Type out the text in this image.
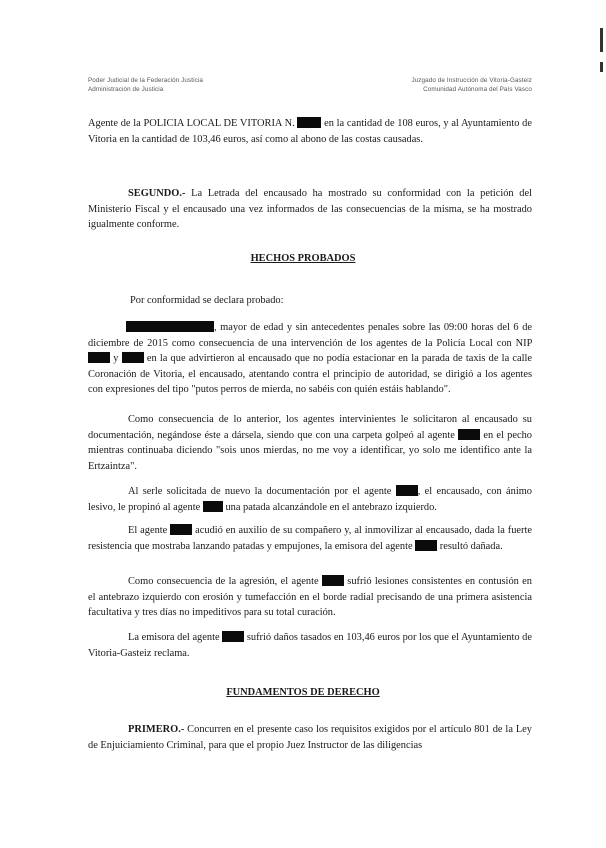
Poder Judicial de la Federación Justicia
Administración de Justicia
Juzgado de Instrucción de Vitoria-Gasteiz
Comunidad Autónoma del País Vasco
Agente de la POLICIA LOCAL DE VITORIA N.	en la cantidad de 108 euros, y al Ayuntamiento de Vitoria en la cantidad de 103,46 euros, así como al abono de las costas causadas.
SEGUNDO.- La Letrada del encausado ha mostrado su conformidad con la petición del Ministerio Fiscal y el encausado una vez informados de las consecuencias de la misma, se ha mostrado igualmente conforme.
HECHOS PROBADOS
Por conformidad se declara probado:
, mayor de edad y sin antecedentes penales sobre las 09:00 horas del 6 de diciembre de 2015 como consecuencia de una intervención de los agentes de la Policía Local con NIP  y  en la que advirtieron al encausado que no podía estacionar en la parada de taxis de la calle Coronación de Vitoria, el encausado, atentando contra el principio de autoridad, se dirigió a los agentes con expresiones del tipo "putos perros de mierda, no sabéis con quién estáis hablando".
Como consecuencia de lo anterior, los agentes intervinientes le solicitaron al encausado su documentación, negándose éste a dársela, siendo que con una carpeta golpeó al agente  en el pecho mientras continuaba diciendo "sois unos mierdas, no me voy a identificar, yo solo me identifico ante la Ertzaintza".
Al serle solicitada de nuevo la documentación por el agente	, el encausado, con ánimo lesivo, le propinó al agente  una patada alcanzándole en el antebrazo izquierdo.
El agente  acudió en auxilio de su compañero y, al inmovilizar al encausado, dada la fuerte resistencia que mostraba lanzando patadas y empujones, la emisora del agente  resultó dañada.
Como consecuencia de la agresión, el agente  sufrió lesiones consistentes en contusión en el antebrazo izquierdo con erosión y tumefacción en el borde radial precisando de una primera asistencia facultativa y tres días no impeditivos para su total curación.
La emisora del agente  sufrió daños tasados en 103,46 euros por los que el Ayuntamiento de Vitoria-Gasteiz reclama.
FUNDAMENTOS DE DERECHO
PRIMERO.- Concurren en el presente caso los requisitos exigidos por el artículo 801 de la Ley de Enjuiciamiento Criminal, para que el propio Juez Instructor de las diligencias
